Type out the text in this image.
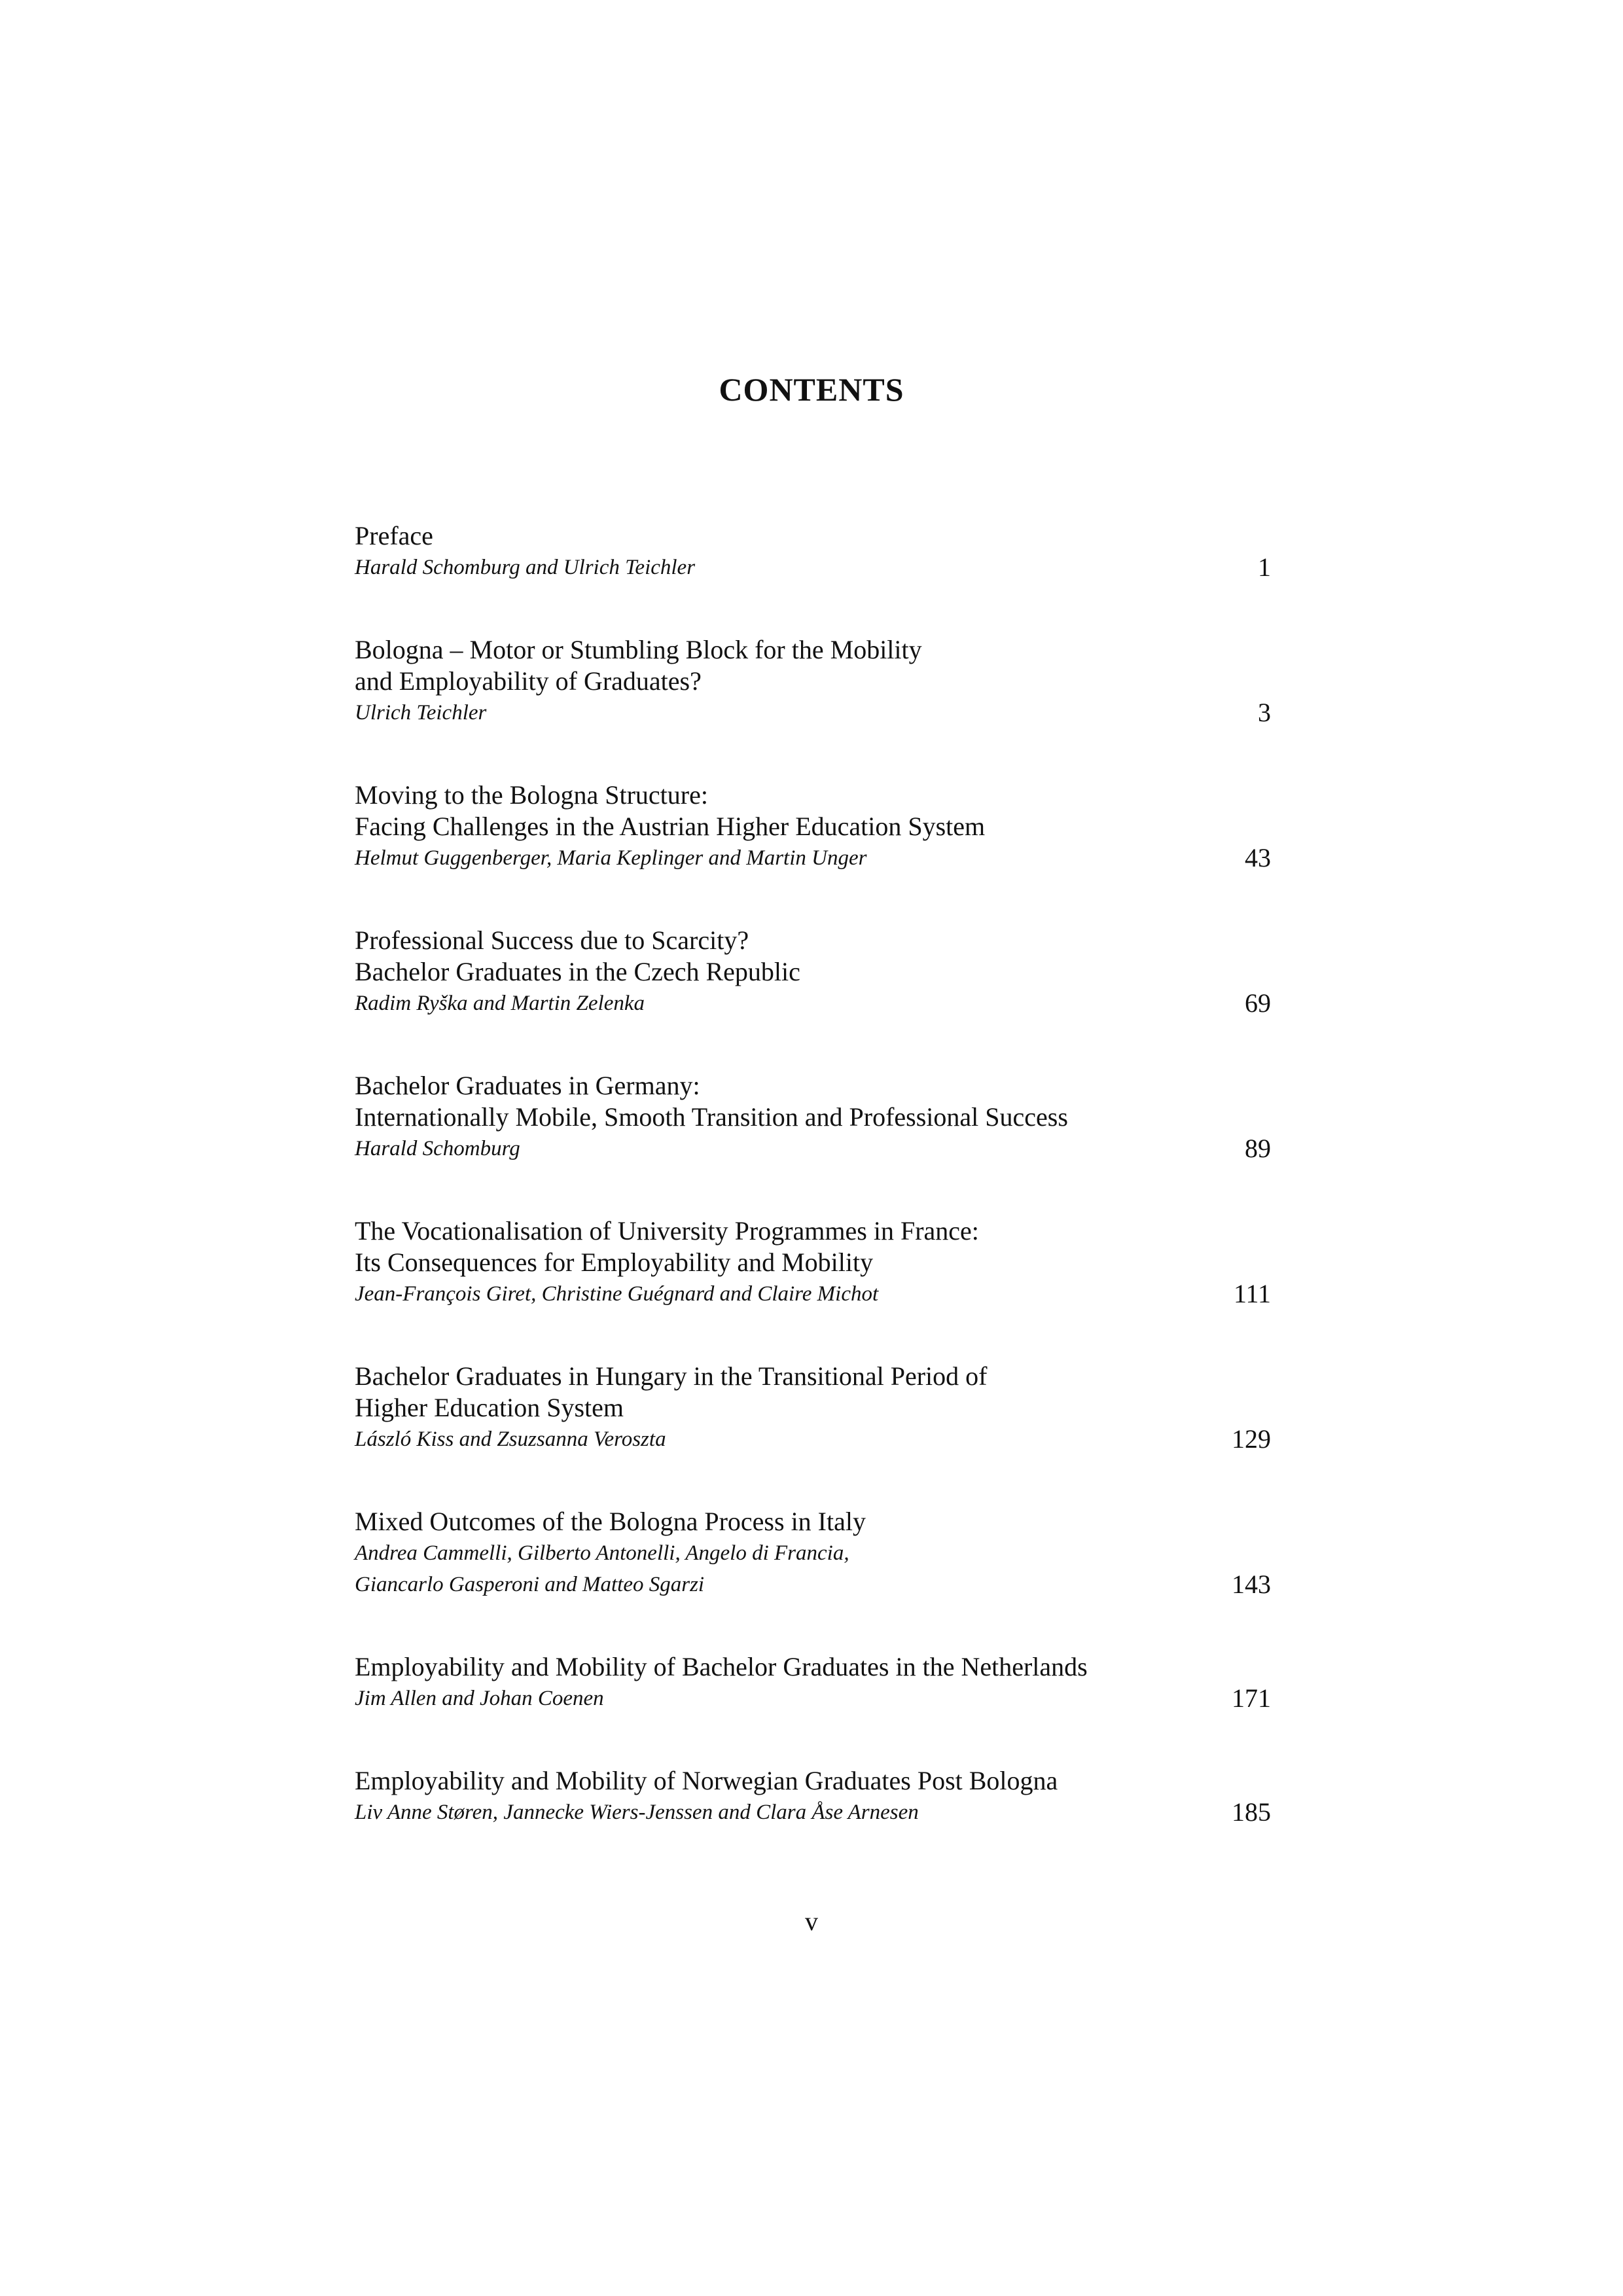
CONTENTS
Preface
Harald Schomburg and Ulrich Teichler	1
Bologna – Motor or Stumbling Block for the Mobility
and Employability of Graduates?
Ulrich Teichler	3
Moving to the Bologna Structure:
Facing Challenges in the Austrian Higher Education System
Helmut Guggenberger, Maria Keplinger and Martin Unger	43
Professional Success due to Scarcity?
Bachelor Graduates in the Czech Republic
Radim Ryška and Martin Zelenka	69
Bachelor Graduates in Germany:
Internationally Mobile, Smooth Transition and Professional Success
Harald Schomburg	89
The Vocationalisation of University Programmes in France:
Its Consequences for Employability and Mobility
Jean-François Giret, Christine Guégnard and Claire Michot	111
Bachelor Graduates in Hungary in the Transitional Period of
Higher Education System
László Kiss and Zsuzsanna Veroszta	129
Mixed Outcomes of the Bologna Process in Italy
Andrea Cammelli, Gilberto Antonelli, Angelo di Francia,
Giancarlo Gasperoni and Matteo Sgarzi	143
Employability and Mobility of Bachelor Graduates in the Netherlands
Jim Allen and Johan Coenen	171
Employability and Mobility of Norwegian Graduates Post Bologna
Liv Anne Støren, Jannecke Wiers-Jenssen and Clara Åse Arnesen	185
v
